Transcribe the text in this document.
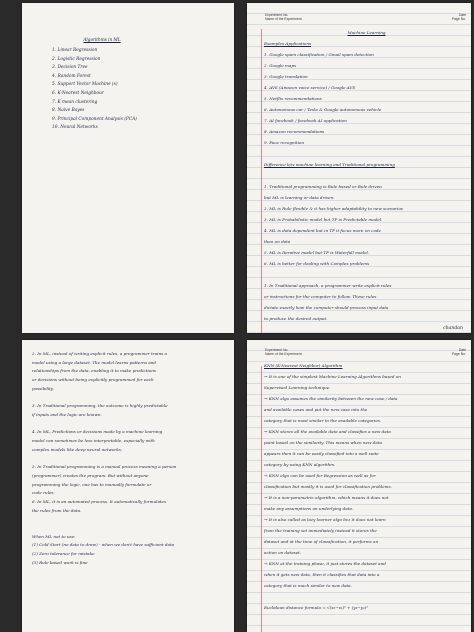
Algorithms in ML
1. Linear Regression
2. Logistic Regression
3. Decision Tree
4. Random Forest
5. Support Vector Machine (s)
6. K-Nearest Neighbour
7. K mean clustering
8. Naive Bayes
9. Principal Component Analysis (PCA)
10. Neural Networks
Experiment No.	Date
Name of the Experiment	Page No.
Machine Learning
Examples Applications
1. Google spam classification / Gmail spam detection
2. Google maps
3. Google translation
4. AVS (Amazon voice service) / Google AVS
5. Netflix recommendations
6. Autonomous car / Tesla & Google autonomous vehicle
7. AI facebook / facebook AI application
8. Amazon recommendations
9. Face recognition

Difference b/w machine learning and Traditional programming

1. Traditional programming is Rule based or Rule driven
but ML is learning or data driven.
2. ML is Rule flexible & it has higher adaptability to new scenarios
3. ML is Probabilistic model but TP is Predictable model.
4. ML is data dependent but in TP it focus more on code
than on data
5. ML is Iterative model but TP is Waterfall model.
6. ML is better for dealing with Complex problems

1. In Traditional approach, a programmer write explicit rules
or instructions for the computer to follow. These rules
dictate exactly how the computer should process input data
to produce the desired output.
chandan
2. In ML, instead of writing explicit rules, a programmer trains a
model using a large dataset. The model learns patterns and
relationships from the data, enabling it to make predictions
or decisions without being explicitly programmed for each
possibility.

3. In Traditional programming, the outcome is highly predictable
if inputs and the logic are known.

4. In ML, Predictions or decisions made by a machine learning
model can sometimes be less interpretable, especially with
complex models like deep neural networks.

5. In Traditional programming is a manual process meaning a person
(programmer) creates the program. But without anyone
programming the logic, one has to manually formulate or
code rules.
6. In ML, it is an automated process. It automatically formulates
the rules from the data.

When ML not to use:
(1) Cold Start (no data to draw) - when we don't have sufficient data
(2) Zero tolerance for mistake
(3) Rule based work is fine
Experiment No.	Date
Name of the Experiment	Page No.
KNN (K-Nearest Neighbor) Algorithm
→ It is one of the simplest Machine Learning Algorithms based on
Supervised Learning technique.
→ KNN algo assumes the similarity between the new case / data
and available cases and put the new case into the
category that is most similar to the available categories.
→ KNN stores all the available data and classifies a new data
point based on the similarity. This means when new data
appears then it can be easily classified into a well suite
category by using KNN algorithm.
→ KNN algo can be used for Regression as well as for
classification but mostly it is used for classification problems.
→ It is a non-parametric algorithm, which means it does not
make any assumptions on underlying data.
→ It is also called as lazy learner algo bcz it does not learn
from the training set immediately instead it stores the
dataset and at the time of classification, it performs an
action on dataset.
→ KNN at the training phase, it just stores the dataset and
when it gets new data, then it classifies that data into a
category that is much similar to new data.

Euclidean distance formula = √(x₂−x₁)² + (y₂−y₁)²
